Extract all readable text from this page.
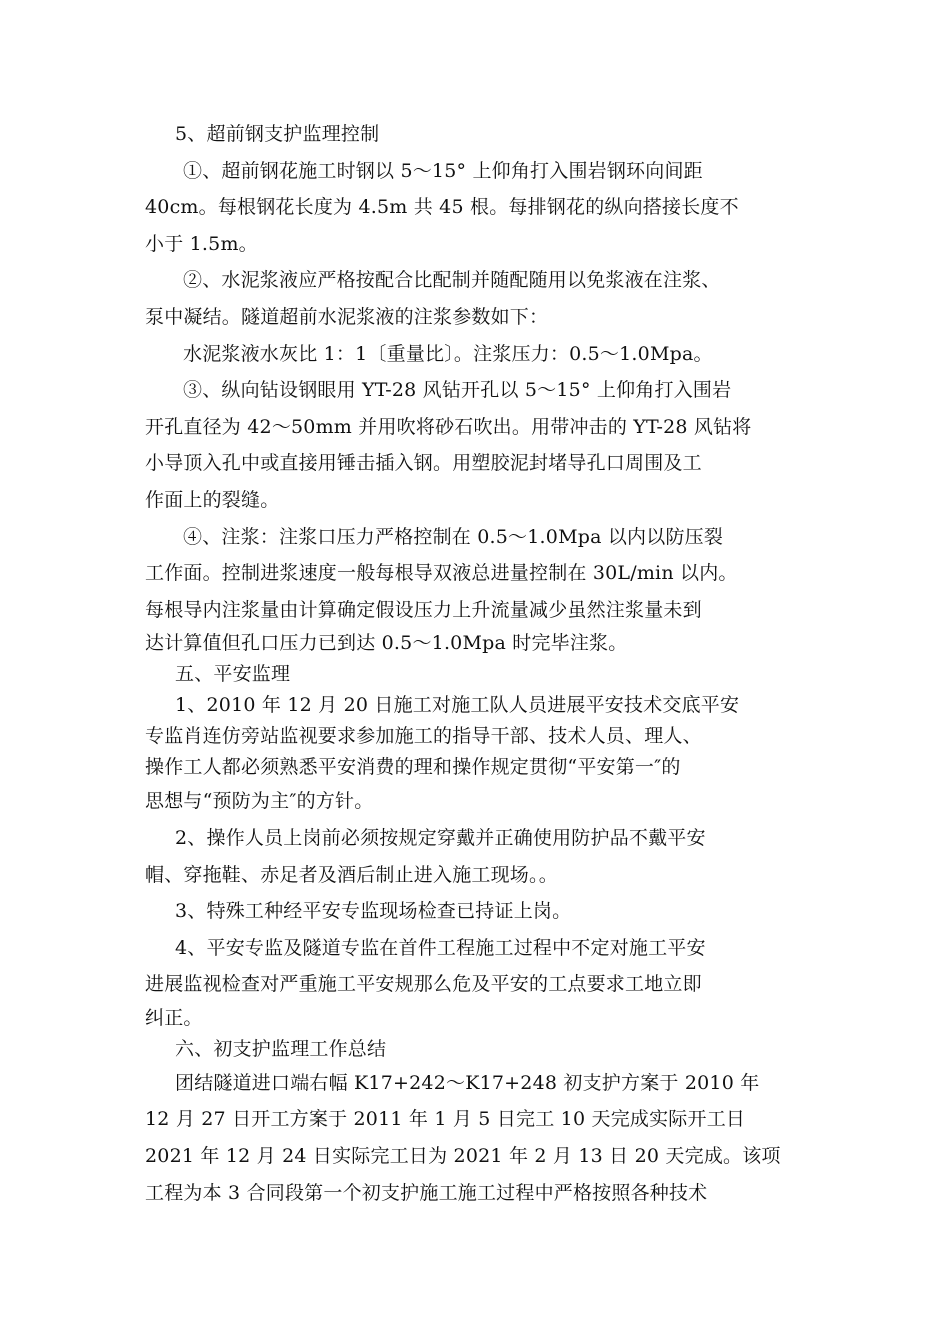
5、超前钢支护监理控制
①、超前钢花施工时钢以 5～15° 上仰角打入围岩钢环向间距
40cm。每根钢花长度为 4.5m 共 45 根。每排钢花的纵向搭接长度不
小于 1.5m。
②、水泥浆液应严格按配合比配制并随配随用以免浆液在注浆、
泵中凝结。隧道超前水泥浆液的注浆参数如下：
水泥浆液水灰比 1：1〔重量比〕。注浆压力：0.5～1.0Mpa。
③、纵向钻设钢眼用 YT-28 风钻开孔以 5～15° 上仰角打入围岩
开孔直径为 42～50mm 并用吹将砂石吹出。用带冲击的 YT-28 风钻将
小导顶入孔中或直接用锤击插入钢。用塑胶泥封堵导孔口周围及工
作面上的裂缝。
④、注浆：注浆口压力严格控制在 0.5～1.0Mpa 以内以防压裂
工作面。控制进浆速度一般每根导双液总进量控制在 30L/min 以内。
每根导内注浆量由计算确定假设压力上升流量减少虽然注浆量未到
达计算值但孔口压力已到达 0.5～1.0Mpa 时完毕注浆。
五、平安监理
1、2010 年 12 月 20 日施工对施工队人员进展平安技术交底平安
专监肖连仿旁站监视要求参加施工的指导干部、技术人员、理人、
操作工人都必须熟悉平安消费的理和操作规定贯彻“平安第一″的
思想与“预防为主″的方针。
2、操作人员上岗前必须按规定穿戴并正确使用防护品不戴平安
帽、穿拖鞋、赤足者及酒后制止进入施工现场。。
3、特殊工种经平安专监现场检查已持证上岗。
4、平安专监及隧道专监在首件工程施工过程中不定对施工平安
进展监视检查对严重施工平安规那么危及平安的工点要求工地立即
纠正。
六、初支护监理工作总结
团结隧道进口端右幅 K17+242～K17+248 初支护方案于 2010 年
12 月 27 日开工方案于 2011 年 1 月 5 日完工 10 天完成实际开工日
2021 年 12 月 24 日实际完工日为 2021 年 2 月 13 日 20 天完成。该项
工程为本 3 合同段第一个初支护施工施工过程中严格按照各种技术
